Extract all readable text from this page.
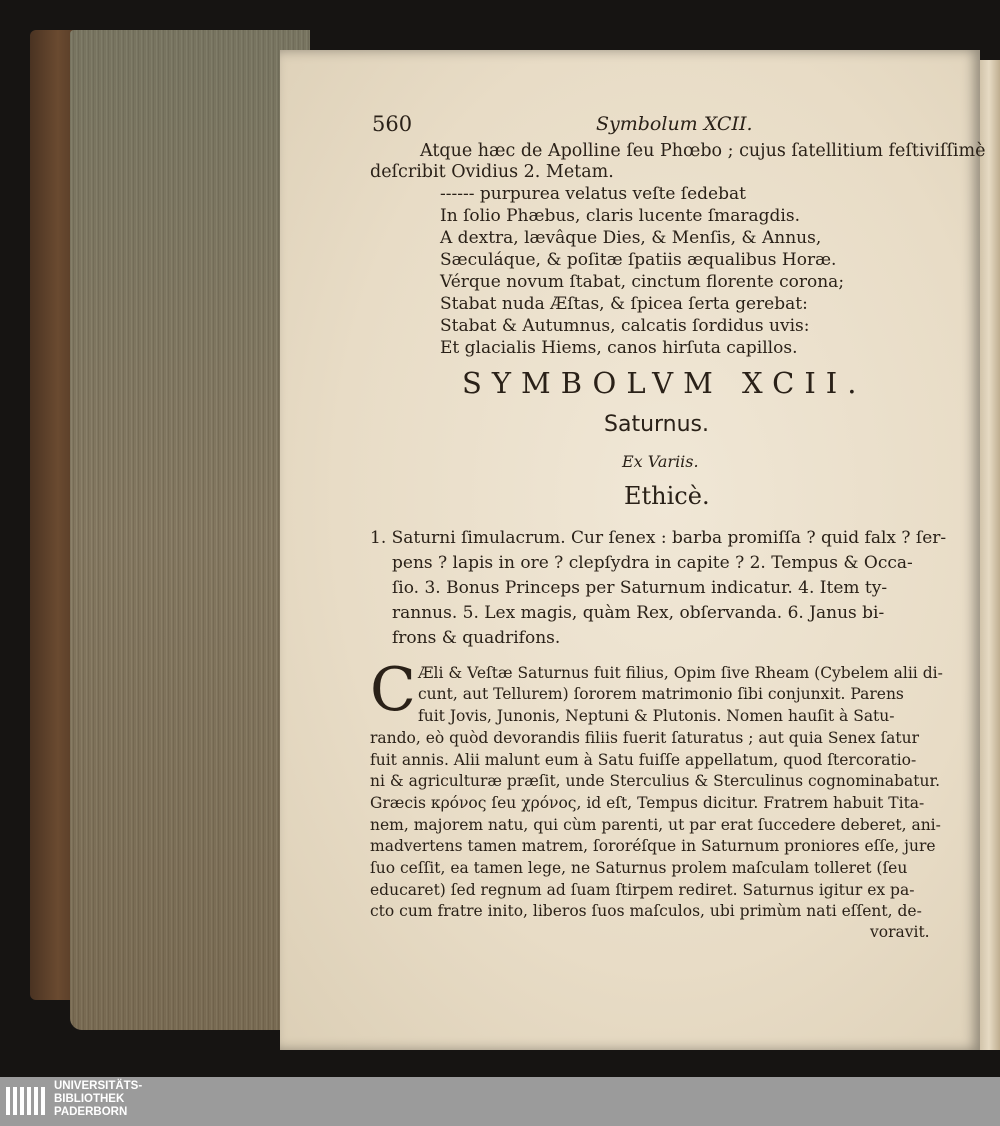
560	Symbolum XCII.
Atque hæc de Apolline ſeu Phœbo ; cujus ſatellitium feſtiviſſimè
deſcribit Ovidius 2. Metam.
------ purpurea velatus veſte ſedebat
In ſolio Phæbus, claris lucente ſmaragdis.
A dextra, lævâque Dies, & Menſis, & Annus,
Sæculáque, & poſitæ ſpatiis æqualibus Horæ.
Vérque novum ſtabat, cinctum florente corona;
Stabat nuda Æſtas, & ſpicea ſerta gerebat:
Stabat & Autumnus, calcatis ſordidus uvis:
Et glacialis Hiems, canos hirſuta capillos.
SYMBOLVM XCII.
Saturnus.
Ex Variis.
Ethicè.
1. Saturni ſimulacrum. Cur ſenex : barba promiſſa ? quid falx ? ſer-
pens ? lapis in ore ? clepſydra in capite ? 2. Tempus & Occa-
ſio. 3. Bonus Princeps per Saturnum indicatur. 4. Item ty-
rannus. 5. Lex magis, quàm Rex, obſervanda. 6. Janus bi-
frons & quadrifons.
C Æli & Veſtæ Saturnus fuit filius, Opim ſive Rheam (Cybelem alii di-
cunt, aut Tellurem) ſororem matrimonio ſibi conjunxit. Parens
fuit Jovis, Junonis, Neptuni & Plutonis. Nomen hauſit à Satu-
rando, eò quòd devorandis filiis fuerit ſaturatus ; aut quia Senex ſatur
fuit annis. Alii malunt eum à Satu fuiſſe appellatum, quod ſtercoratio-
ni & agriculturæ præſit, unde Sterculius & Sterculinus cognominabatur.
Græcis κρόνος ſeu χρόνος, id eſt, Tempus dicitur. Fratrem habuit Tita-
nem, majorem natu, qui cùm parenti, ut par erat ſuccedere deberet, ani-
madvertens tamen matrem, ſororéſque in Saturnum proniores eſſe, jure
ſuo ceſſit, ea tamen lege, ne Saturnus prolem maſculam tolleret (ſeu
educaret) ſed regnum ad ſuam ſtirpem rediret. Saturnus igitur ex pa-
cto cum fratre inito, liberos ſuos maſculos, ubi primùm nati eſſent, de-
voravit.
UNIVERSITÄTS-
BIBLIOTHEK
PADERBORN
